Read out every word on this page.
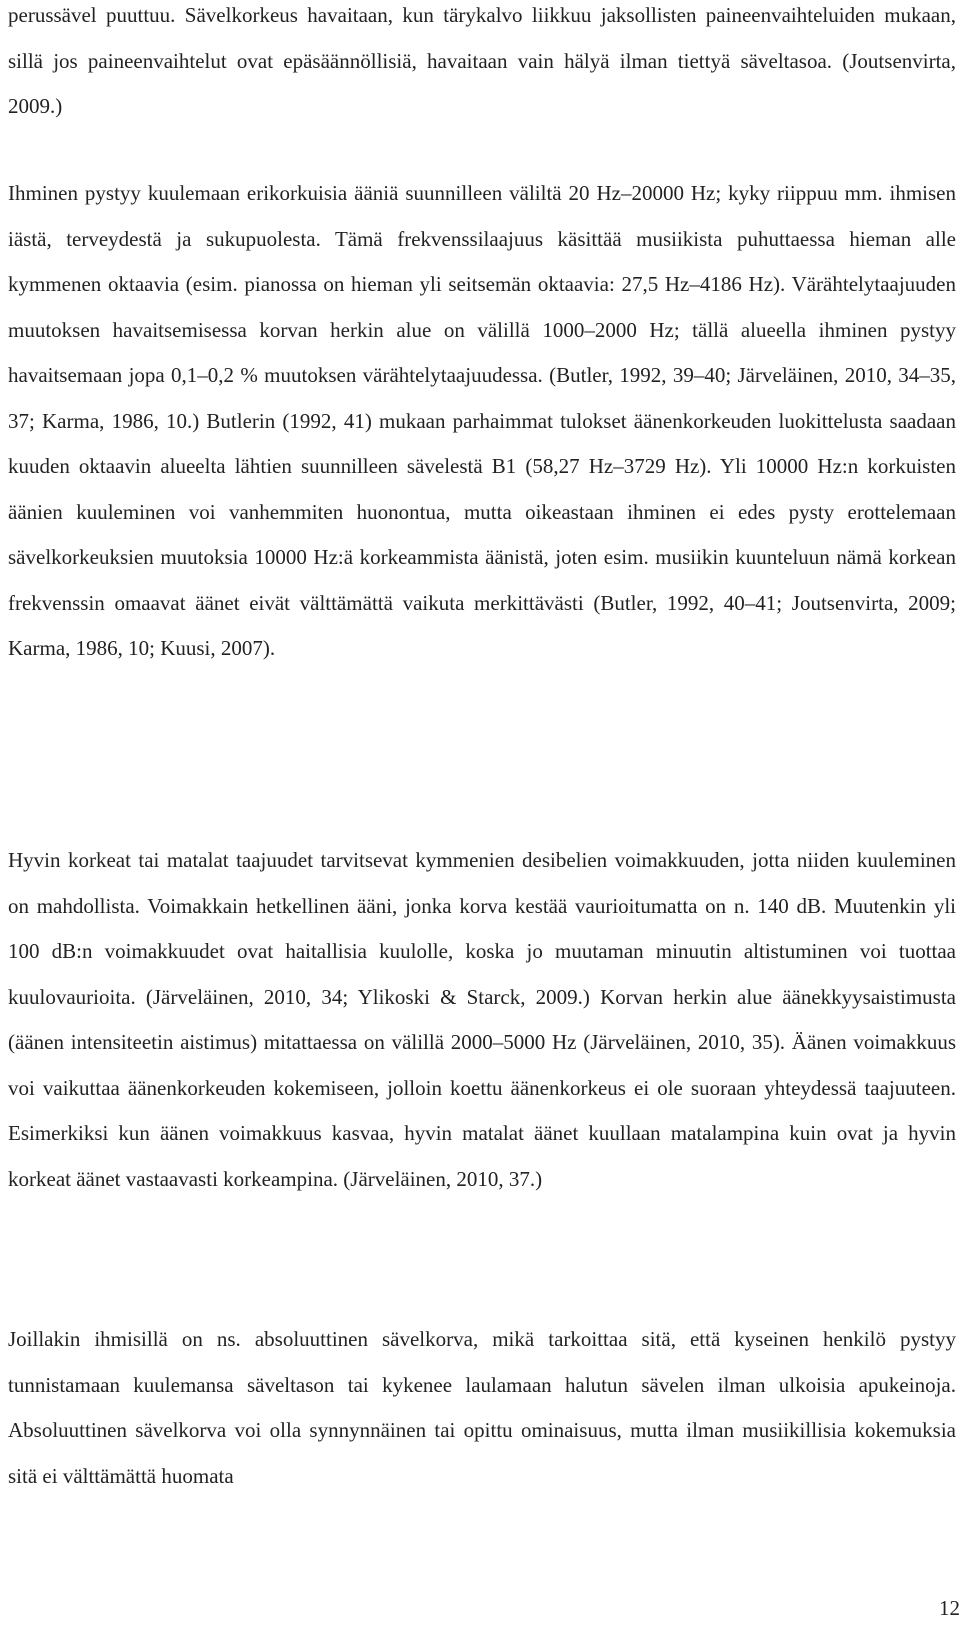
perussävel puuttuu. Sävelkorkeus havaitaan, kun tärykalvo liikkuu jaksollisten paineenvaihteluiden mukaan, sillä jos paineenvaihtelut ovat epäsäännöllisiä, havaitaan vain hälyä ilman tiettyä säveltasoa. (Joutsenvirta, 2009.)

Ihminen pystyy kuulemaan erikorkuisia ääniä suunnilleen väliltä 20 Hz–20000 Hz; kyky riippuu mm. ihmisen iästä, terveydestä ja sukupuolesta. Tämä frekvenssilaajuus käsittää musiikista puhuttaessa hieman alle kymmenen oktaavia (esim. pianossa on hieman yli seitsemän oktaavia: 27,5 Hz–4186 Hz). Värähtelytaajuuden muutoksen havaitsemisessa korvan herkin alue on välillä 1000–2000 Hz; tällä alueella ihminen pystyy havaitsemaan jopa 0,1–0,2 % muutoksen värähtelytaajuudessa. (Butler, 1992, 39–40; Järveläinen, 2010, 34–35, 37; Karma, 1986, 10.) Butlerin (1992, 41) mukaan parhaimmat tulokset äänenkorkeuden luokittelusta saadaan kuuden oktaavin alueelta lähtien suunnilleen sävelestä B1 (58,27 Hz–3729 Hz). Yli 10000 Hz:n korkuisten äänien kuuleminen voi vanhemmiten huonontua, mutta oikeastaan ihminen ei edes pysty erottelemaan sävelkorkeuksien muutoksia 10000 Hz:ä korkeammista äänistä, joten esim. musiikin kuunteluun nämä korkean frekvenssin omaavat äänet eivät välttämättä vaikuta merkittävästi (Butler, 1992, 40–41; Joutsenvirta, 2009; Karma, 1986, 10; Kuusi, 2007).

Hyvin korkeat tai matalat taajuudet tarvitsevat kymmenien desibelien voimakkuuden, jotta niiden kuuleminen on mahdollista. Voimakkain hetkellinen ääni, jonka korva kestää vaurioitumatta on n. 140 dB. Muutenkin yli 100 dB:n voimakkuudet ovat haitallisia kuulolle, koska jo muutaman minuutin altistuminen voi tuottaa kuulovaurioita. (Järveläinen, 2010, 34; Ylikoski & Starck, 2009.) Korvan herkin alue äänekkyysaistimusta (äänen intensiteetin aistimus) mitattaessa on välillä 2000–5000 Hz (Järveläinen, 2010, 35). Äänen voimakkuus voi vaikuttaa äänenkorkeuden kokemiseen, jolloin koettu äänenkorkeus ei ole suoraan yhteydessä taajuuteen. Esimerkiksi kun äänen voimakkuus kasvaa, hyvin matalat äänet kuullaan matalampina kuin ovat ja hyvin korkeat äänet vastaavasti korkeampina. (Järveläinen, 2010, 37.)

Joillakin ihmisillä on ns. absoluuttinen sävelkorva, mikä tarkoittaa sitä, että kyseinen henkilö pystyy tunnistamaan kuulemansa säveltason tai kykenee laulamaan halutun sävelen ilman ulkoisia apukeinoja. Absoluuttinen sävelkorva voi olla synnynnäinen tai opittu ominaisuus, mutta ilman musiikillisia kokemuksia sitä ei välttämättä huomata

12
